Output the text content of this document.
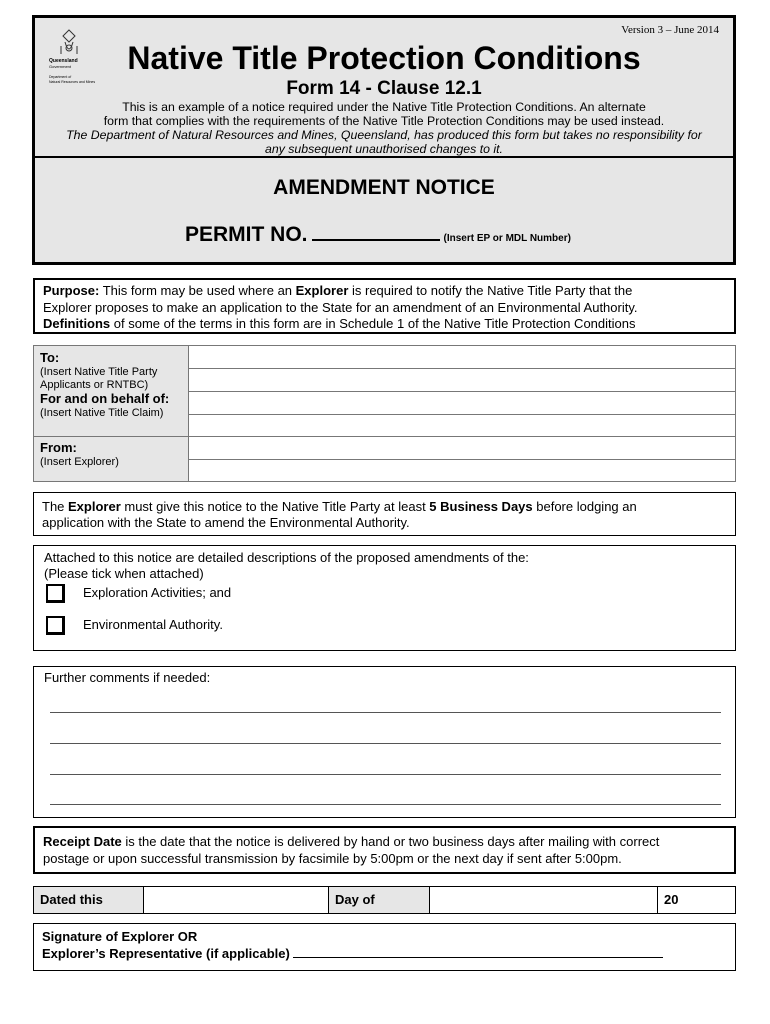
Queensland
Government
Department of
Natural Resources and Mines
Version 3 – June 2014
Native Title Protection Conditions
Form 14 - Clause 12.1
This is an example of a notice required under the Native Title Protection Conditions. An alternate
form that complies with the requirements of the Native Title Protection Conditions may be used instead.
The Department of Natural Resources and Mines, Queensland, has produced this form but takes no responsibility for
any subsequent unauthorised changes to it.
AMENDMENT NOTICE
PERMIT NO.	(Insert EP or MDL Number)
Purpose: This form may be used where an Explorer is required to notify the Native Title Party that the
Explorer proposes to make an application to the State for an amendment of an Environmental Authority.
Definitions of some of the terms in this form are in Schedule 1 of the Native Title Protection Conditions
To:
(Insert Native Title Party
Applicants or RNTBC)
For and on behalf of:
(Insert Native Title Claim)
From:
(Insert Explorer)
The Explorer must give this notice to the Native Title Party at least 5 Business Days before lodging an
application with the State to amend the Environmental Authority.
Attached to this notice are detailed descriptions of the proposed amendments of the:
(Please tick when attached)
Exploration Activities; and
Environmental Authority.
Further comments if needed:
Receipt Date is the date that the notice is delivered by hand or two business days after mailing with correct
postage or upon successful transmission by facsimile by 5:00pm or the next day if sent after 5:00pm.
Dated this	Day of	20
Signature of Explorer OR
Explorer’s Representative (if applicable)
